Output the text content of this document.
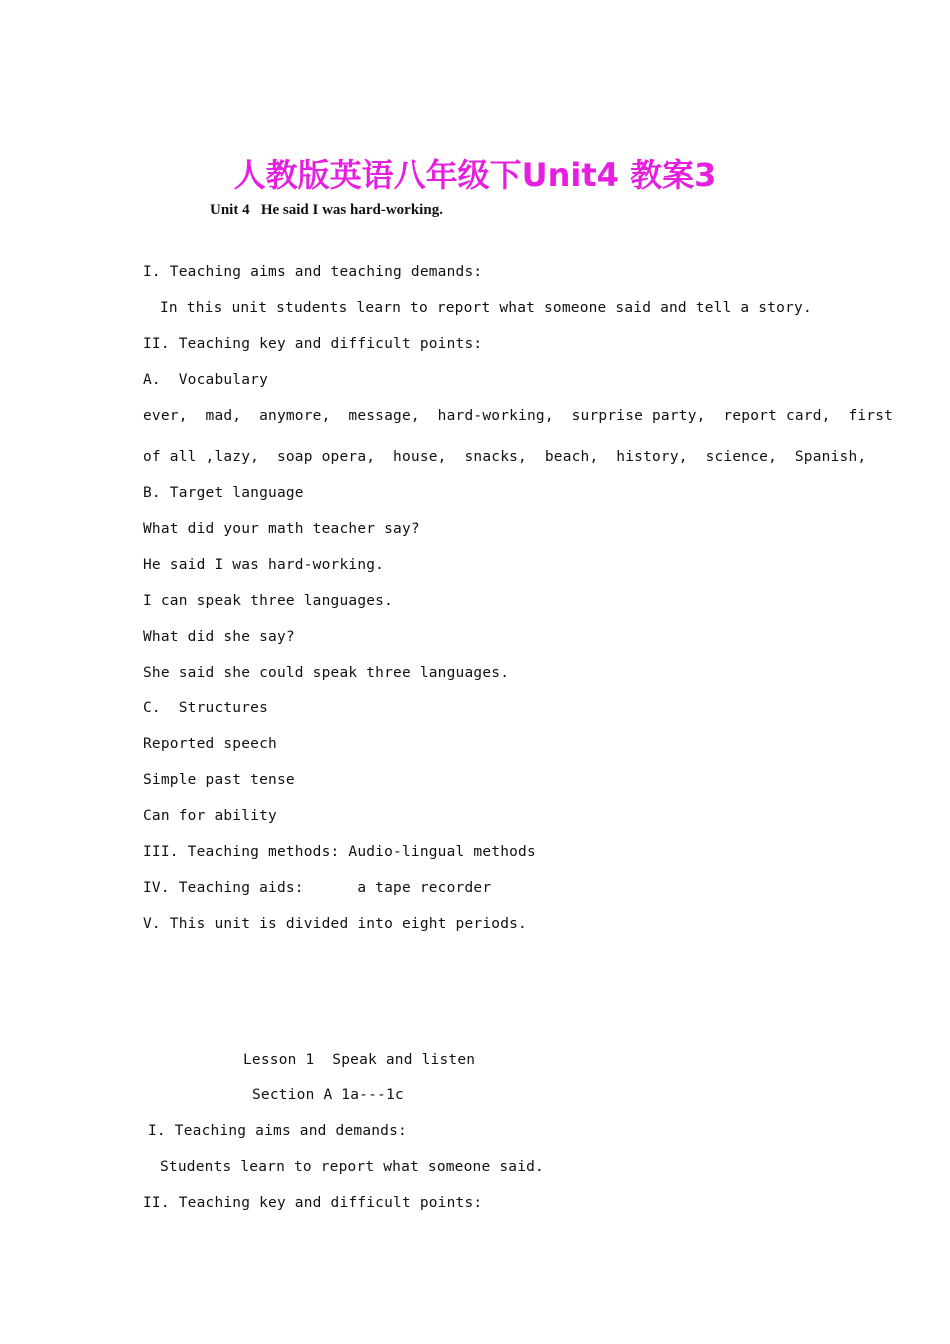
人教版英语八年级下Unit4 教案3
Unit 4   He said I was hard-working.
I. Teaching aims and teaching demands:
In this unit students learn to report what someone said and tell a story.
II. Teaching key and difficult points:
A.  Vocabulary
ever,  mad,  anymore,  message,  hard-working,  surprise party,  report card,  first
of all ,lazy,  soap opera,  house,  snacks,  beach,  history,  science,  Spanish,
B. Target language
What did your math teacher say?
He said I was hard-working.
I can speak three languages.
What did she say?
She said she could speak three languages.
C.  Structures
Reported speech
Simple past tense
Can for ability
III. Teaching methods: Audio-lingual methods
IV. Teaching aids:      a tape recorder
V. This unit is divided into eight periods.
Lesson 1  Speak and listen
Section A 1a---1c
I. Teaching aims and demands:
Students learn to report what someone said.
II. Teaching key and difficult points:
